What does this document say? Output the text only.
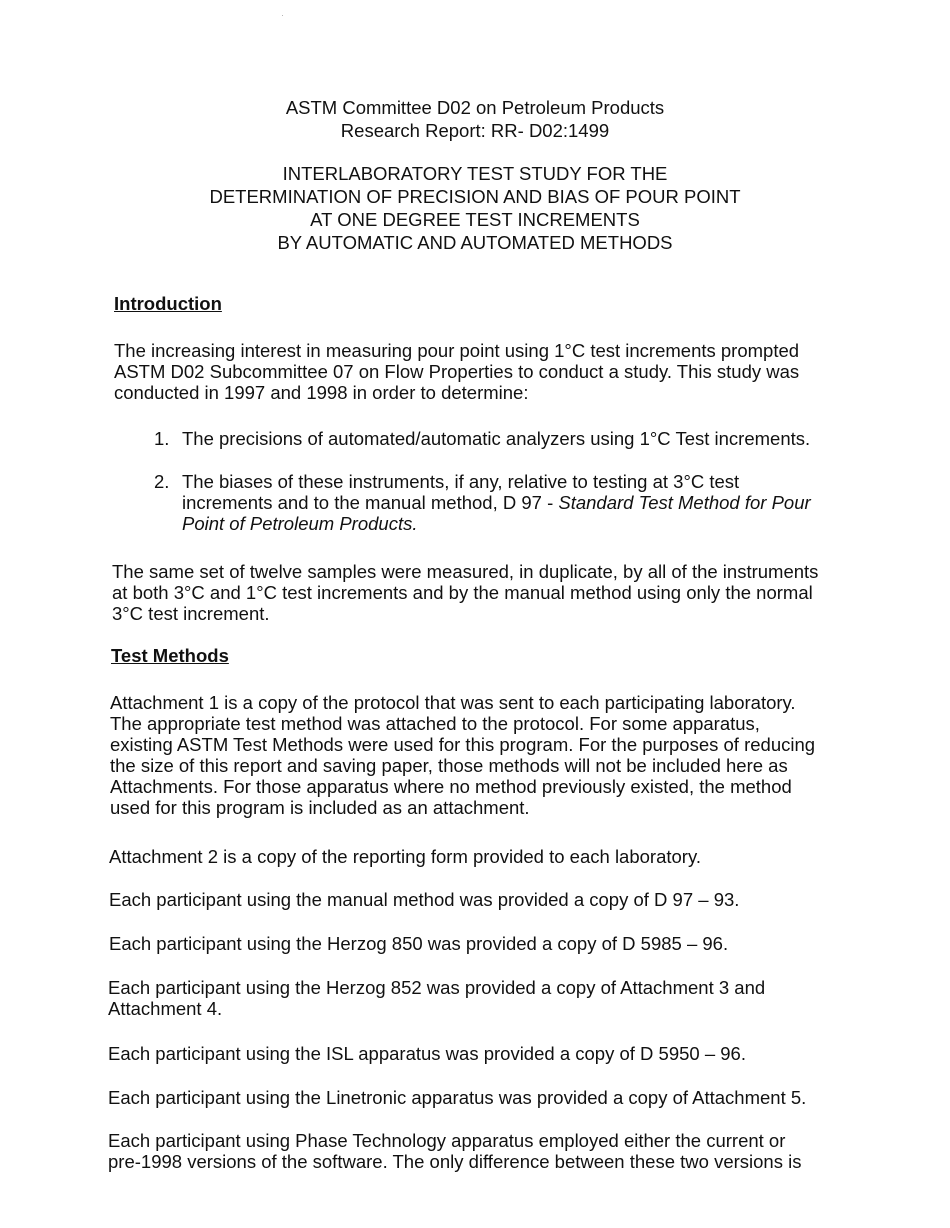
·
ASTM Committee D02 on Petroleum Products
Research Report: RR- D02:1499
INTERLABORATORY TEST STUDY FOR THE
DETERMINATION OF PRECISION AND BIAS OF POUR POINT
AT ONE DEGREE TEST INCREMENTS
BY AUTOMATIC AND AUTOMATED METHODS
Introduction
The increasing interest in measuring pour point using 1°C test increments prompted
ASTM D02 Subcommittee 07 on Flow Properties to conduct a study. This study was
conducted in 1997 and 1998 in order to determine:
1. The precisions of automated/automatic analyzers using 1°C Test increments.
2. The biases of these instruments, if any, relative to testing at 3°C test
increments and to the manual method, D 97 - Standard Test Method for Pour
Point of Petroleum Products.
The same set of twelve samples were measured, in duplicate, by all of the instruments
at both 3°C and 1°C test increments and by the manual method using only the normal
3°C test increment.
Test Methods
Attachment 1 is a copy of the protocol that was sent to each participating laboratory.
The appropriate test method was attached to the protocol. For some apparatus,
existing ASTM Test Methods were used for this program. For the purposes of reducing
the size of this report and saving paper, those methods will not be included here as
Attachments. For those apparatus where no method previously existed, the method
used for this program is included as an attachment.
Attachment 2 is a copy of the reporting form provided to each laboratory.
Each participant using the manual method was provided a copy of D 97 – 93.
Each participant using the Herzog 850 was provided a copy of D 5985 – 96.
Each participant using the Herzog 852 was provided a copy of Attachment 3 and
Attachment 4.
Each participant using the ISL apparatus was provided a copy of D 5950 – 96.
Each participant using the Linetronic apparatus was provided a copy of Attachment 5.
Each participant using Phase Technology apparatus employed either the current or
pre-1998 versions of the software. The only difference between these two versions is
